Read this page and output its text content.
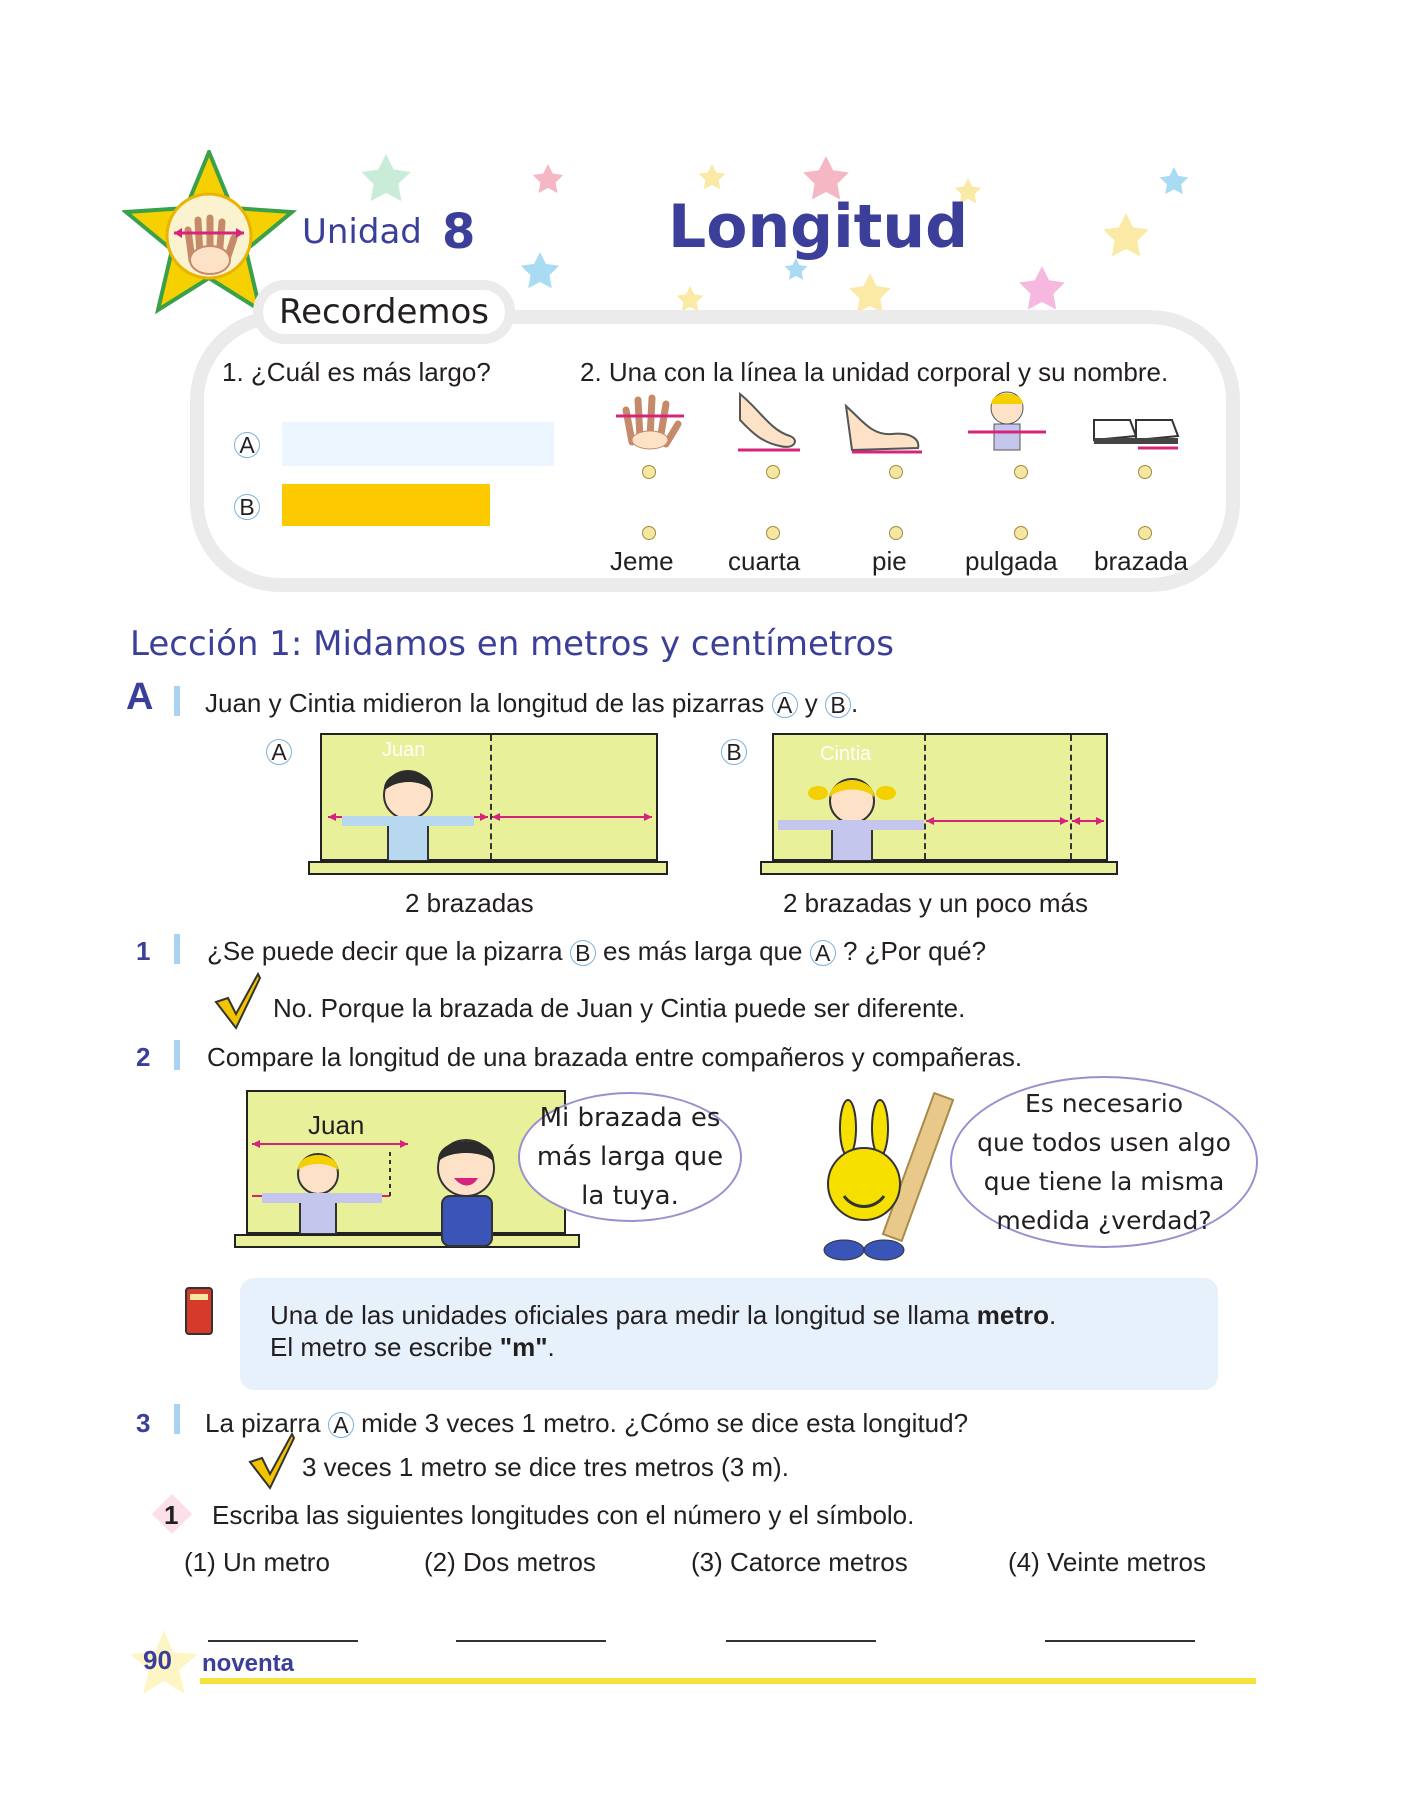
Unidad 8	Longitud
Recordemos
1. ¿Cuál es más largo?
A
B
2. Una con la línea la unidad corporal y su nombre.
Jeme cuarta	pie pulgada brazada
Lección 1: Midamos en metros y centímetros
A Juan y Cintia midieron la longitud de las pizarras A y B .
A	Juan
2 brazadas
B	Cintia
2 brazadas y un poco más
1 ¿Se puede decir que la pizarra B es más larga que A ? ¿Por qué?
No. Porque la brazada de Juan y Cintia puede ser diferente.
2 Compare la longitud de una brazada entre compañeros y compañeras.
Juan	Mi brazada es
más larga que
la tuya.
Es necesario
que todos usen algo
que tiene la misma
medida ¿verdad?
Una de las unidades oficiales para medir la longitud se llama metro.
El metro se escribe "m".
3 La pizarra A mide 3 veces 1 metro. ¿Cómo se dice esta longitud?
3 veces 1 metro se dice tres metros (3 m).
1 Escriba las siguientes longitudes con el número y el símbolo.
(1) Un metro	(2) Dos metros	(3) Catorce metros	(4) Veinte metros
90 noventa
